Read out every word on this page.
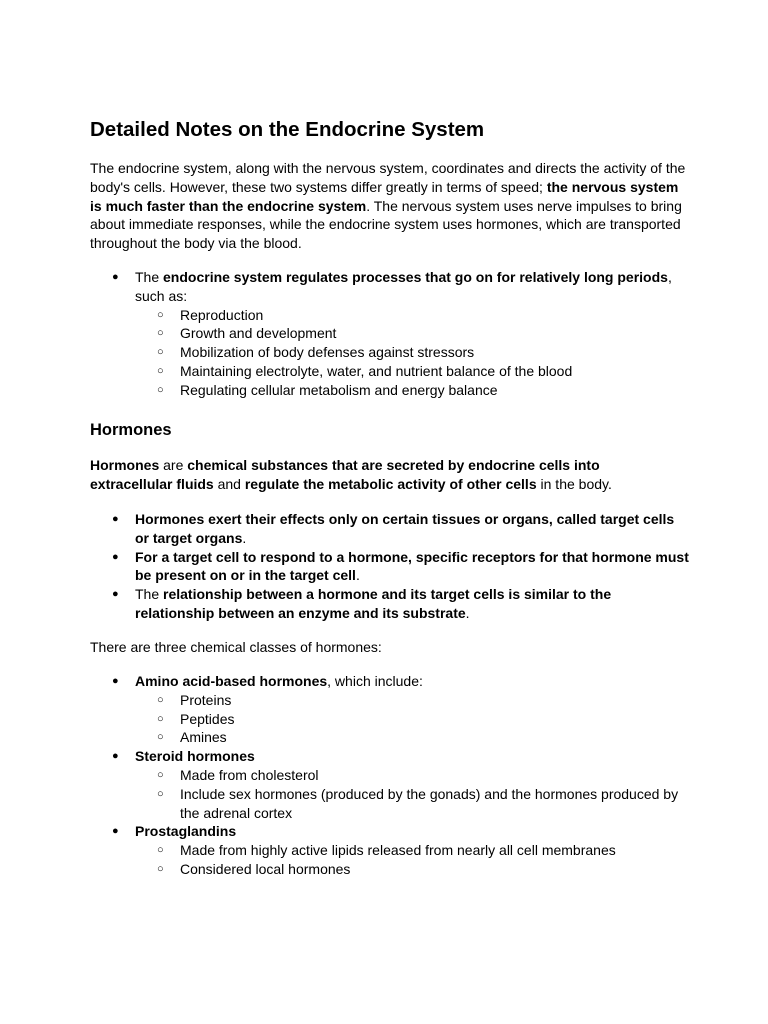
Detailed Notes on the Endocrine System

The endocrine system, along with the nervous system, coordinates and directs the activity of the body's cells. However, these two systems differ greatly in terms of speed; the nervous system is much faster than the endocrine system. The nervous system uses nerve impulses to bring about immediate responses, while the endocrine system uses hormones, which are transported throughout the body via the blood.

● The endocrine system regulates processes that go on for relatively long periods, such as:
○ Reproduction
○ Growth and development
○ Mobilization of body defenses against stressors
○ Maintaining electrolyte, water, and nutrient balance of the blood
○ Regulating cellular metabolism and energy balance
Hormones

Hormones are chemical substances that are secreted by endocrine cells into extracellular fluids and regulate the metabolic activity of other cells in the body.

● Hormones exert their effects only on certain tissues or organs, called target cells or target organs.
● For a target cell to respond to a hormone, specific receptors for that hormone must be present on or in the target cell.
● The relationship between a hormone and its target cells is similar to the relationship between an enzyme and its substrate.

There are three chemical classes of hormones:

● Amino acid-based hormones, which include:
○ Proteins
○ Peptides
○ Amines
● Steroid hormones
○ Made from cholesterol
○ Include sex hormones (produced by the gonads) and the hormones produced by the adrenal cortex
● Prostaglandins
○ Made from highly active lipids released from nearly all cell membranes
○ Considered local hormones
